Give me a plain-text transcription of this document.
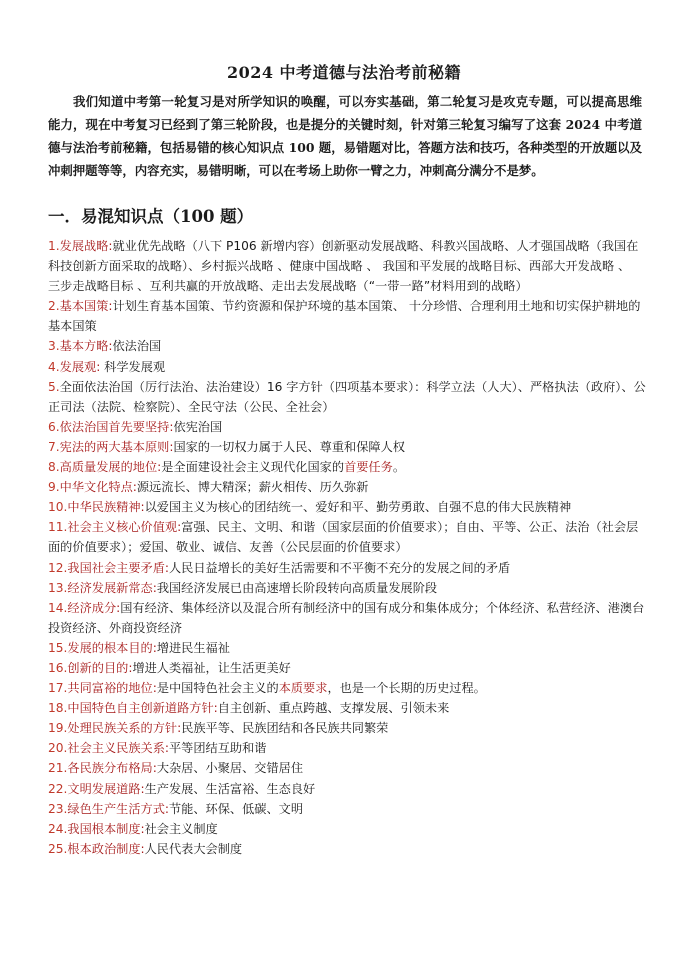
2024 中考道德与法治考前秘籍
我们知道中考第一轮复习是对所学知识的唤醒，可以夯实基础，第二轮复习是攻克专题，可以提高思维能力，现在中考复习已经到了第三轮阶段，也是提分的关键时刻，针对第三轮复习编写了这套 2024 中考道德与法治考前秘籍，包括易错的核心知识点 100 题，易错题对比，答题方法和技巧，各种类型的开放题以及冲刺押题等等，内容充实，易错明晰，可以在考场上助你一臂之力，冲刺高分满分不是梦。
一．易混知识点（100 题）
1.发展战略:就业优先战略（八下 P106 新增内容）创新驱动发展战略、科教兴国战略、人才强国战略（我国在科技创新方面采取的战略）、乡村振兴战略 、健康中国战略 、 我国和平发展的战略目标、西部大开发战略 、 三步走战略目标 、互利共赢的开放战略、走出去发展战略（“一带一路”材料用到的战略）
2.基本国策:计划生育基本国策、节约资源和保护环境的基本国策、 十分珍惜、合理利用土地和切实保护耕地的基本国策
3.基本方略:依法治国
4.发展观: 科学发展观
5.全面依法治国（厉行法治、法治建设）16 字方针（四项基本要求）：科学立法（人大）、严格执法（政府）、公正司法（法院、检察院）、全民守法（公民、全社会）
6.依法治国首先要坚持:依宪治国
7.宪法的两大基本原则:国家的一切权力属于人民、尊重和保障人权
8.高质量发展的地位:是全面建设社会主义现代化国家的首要任务。
9.中华文化特点:源远流长、博大精深；薪火相传、历久弥新
10.中华民族精神:以爱国主义为核心的团结统一、爱好和平、勤劳勇敢、自强不息的伟大民族精神
11.社会主义核心价值观:富强、民主、文明、和谐（国家层面的价值要求）；自由、平等、公正、法治（社会层面的价值要求）；爱国、敬业、诚信、友善（公民层面的价值要求）
12.我国社会主要矛盾:人民日益增长的美好生活需要和不平衡不充分的发展之间的矛盾
13.经济发展新常态:我国经济发展已由高速增长阶段转向高质量发展阶段
14.经济成分:国有经济、集体经济以及混合所有制经济中的国有成分和集体成分；个体经济、私营经济、港澳台投资经济、外商投资经济
15.发展的根本目的:增进民生福祉
16.创新的目的:增进人类福祉，让生活更美好
17.共同富裕的地位:是中国特色社会主义的本质要求，也是一个长期的历史过程。
18.中国特色自主创新道路方针:自主创新、重点跨越、支撑发展、引领未来
19.处理民族关系的方针:民族平等、民族团结和各民族共同繁荣
20.社会主义民族关系:平等团结互助和谐
21.各民族分布格局:大杂居、小聚居、交错居住
22.文明发展道路:生产发展、生活富裕、生态良好
23.绿色生产生活方式:节能、环保、低碳、文明
24.我国根本制度:社会主义制度
25.根本政治制度:人民代表大会制度
